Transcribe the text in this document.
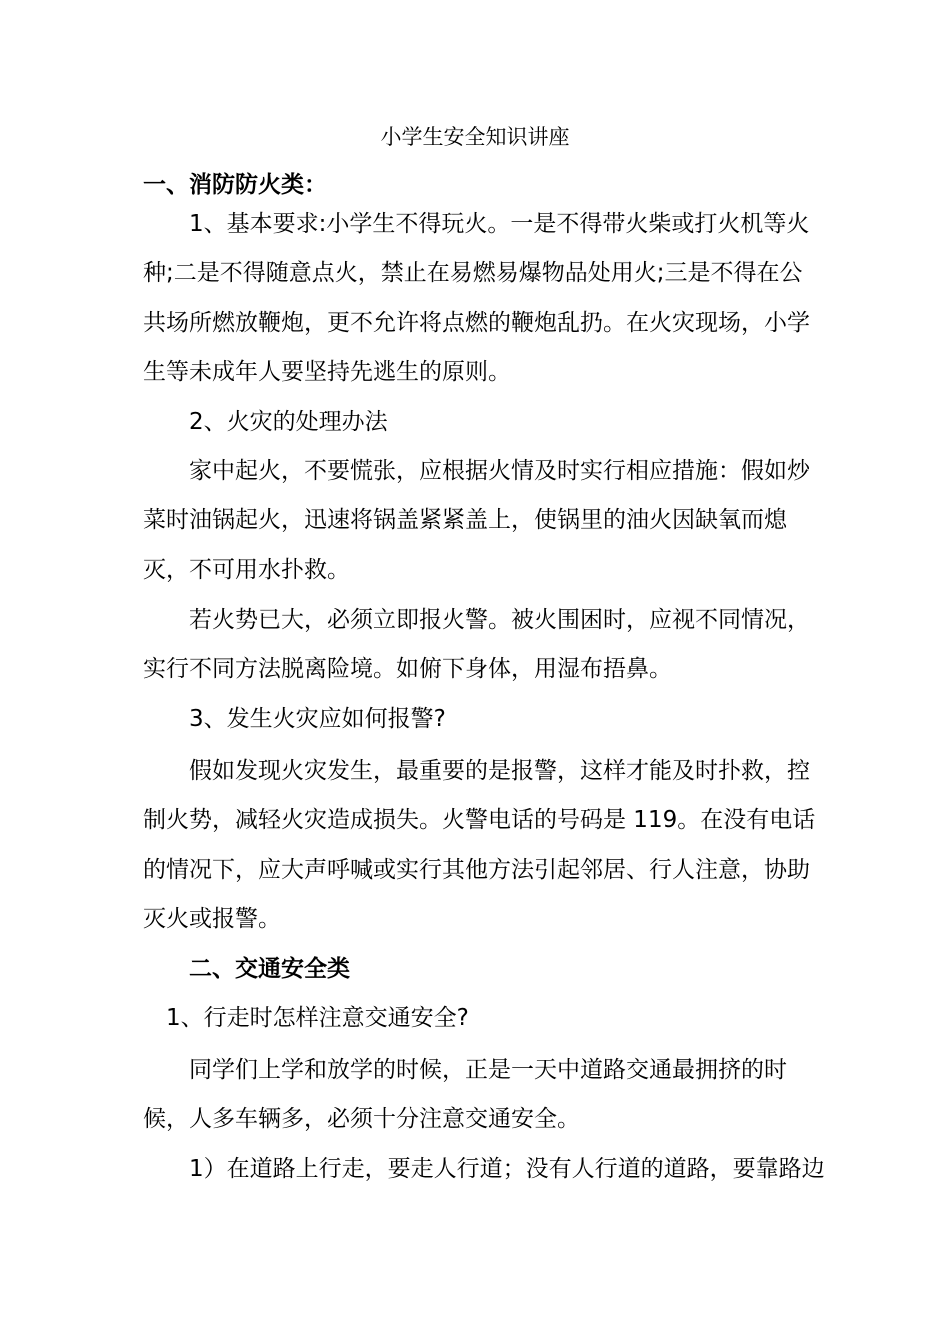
小学生安全知识讲座

一、消防防火类：

1、基本要求:小学生不得玩火。一是不得带火柴或打火机等火种;二是不得随意点火，禁止在易燃易爆物品处用火;三是不得在公共场所燃放鞭炮，更不允许将点燃的鞭炮乱扔。在火灾现场，小学生等未成年人要坚持先逃生的原则。

2、火灾的处理办法

家中起火，不要慌张，应根据火情及时实行相应措施：假如炒菜时油锅起火，迅速将锅盖紧紧盖上，使锅里的油火因缺氧而熄灭，不可用水扑救。

若火势已大，必须立即报火警。被火围困时，应视不同情况，实行不同方法脱离险境。如俯下身体，用湿布捂鼻。

3、发生火灾应如何报警?

假如发现火灾发生，最重要的是报警，这样才能及时扑救，控制火势，减轻火灾造成损失。火警电话的号码是 119。在没有电话的情况下，应大声呼喊或实行其他方法引起邻居、行人注意，协助灭火或报警。

二、交通安全类

1、行走时怎样注意交通安全?

同学们上学和放学的时候，正是一天中道路交通最拥挤的时候，人多车辆多，必须十分注意交通安全。

1）在道路上行走，要走人行道；没有人行道的道路，要靠路边
